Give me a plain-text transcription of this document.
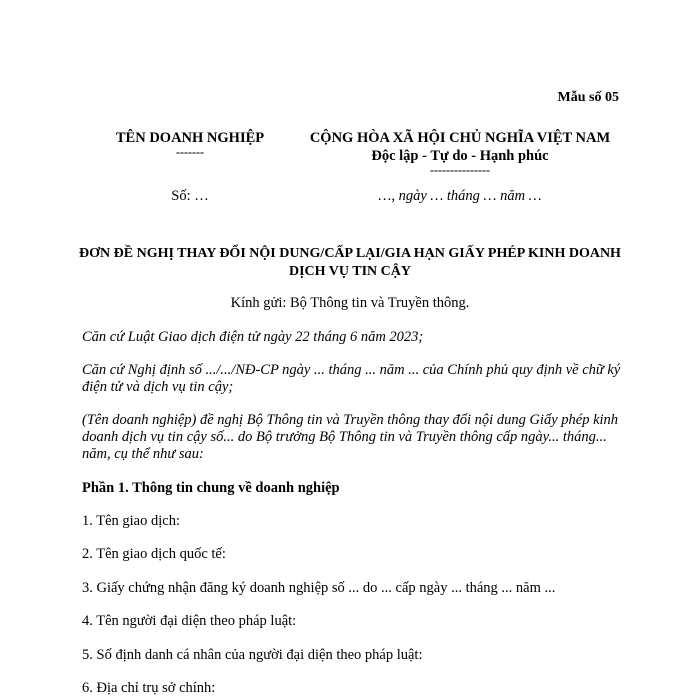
Mẫu số 05
TÊN DOANH NGHIỆP
-------
CỘNG HÒA XÃ HỘI CHỦ NGHĨA VIỆT NAM
Độc lập - Tự do - Hạnh phúc
---------------
Số: …	…, ngày … tháng … năm …
ĐƠN ĐỀ NGHỊ THAY ĐỔI NỘI DUNG/CẤP LẠI/GIA HẠN GIẤY PHÉP KINH DOANH DỊCH VỤ TIN CẬY
Kính gửi: Bộ Thông tin và Truyền thông.
Căn cứ Luật Giao dịch điện tử ngày 22 tháng 6 năm 2023;
Căn cứ Nghị định số .../.../NĐ-CP ngày ... tháng ... năm ... của Chính phủ quy định về chữ ký điện tử và dịch vụ tin cậy;
(Tên doanh nghiệp) đề nghị Bộ Thông tin và Truyền thông thay đổi nội dung Giấy phép kinh doanh dịch vụ tin cậy số... do Bộ trưởng Bộ Thông tin và Truyền thông cấp ngày... tháng... năm, cụ thể như sau:
Phần 1. Thông tin chung về doanh nghiệp
1. Tên giao dịch:
2. Tên giao dịch quốc tế:
3. Giấy chứng nhận đăng ký doanh nghiệp số ... do ... cấp ngày ... tháng ... năm ...
4. Tên người đại diện theo pháp luật:
5. Số định danh cá nhân của người đại diện theo pháp luật:
6. Địa chỉ trụ sở chính:
